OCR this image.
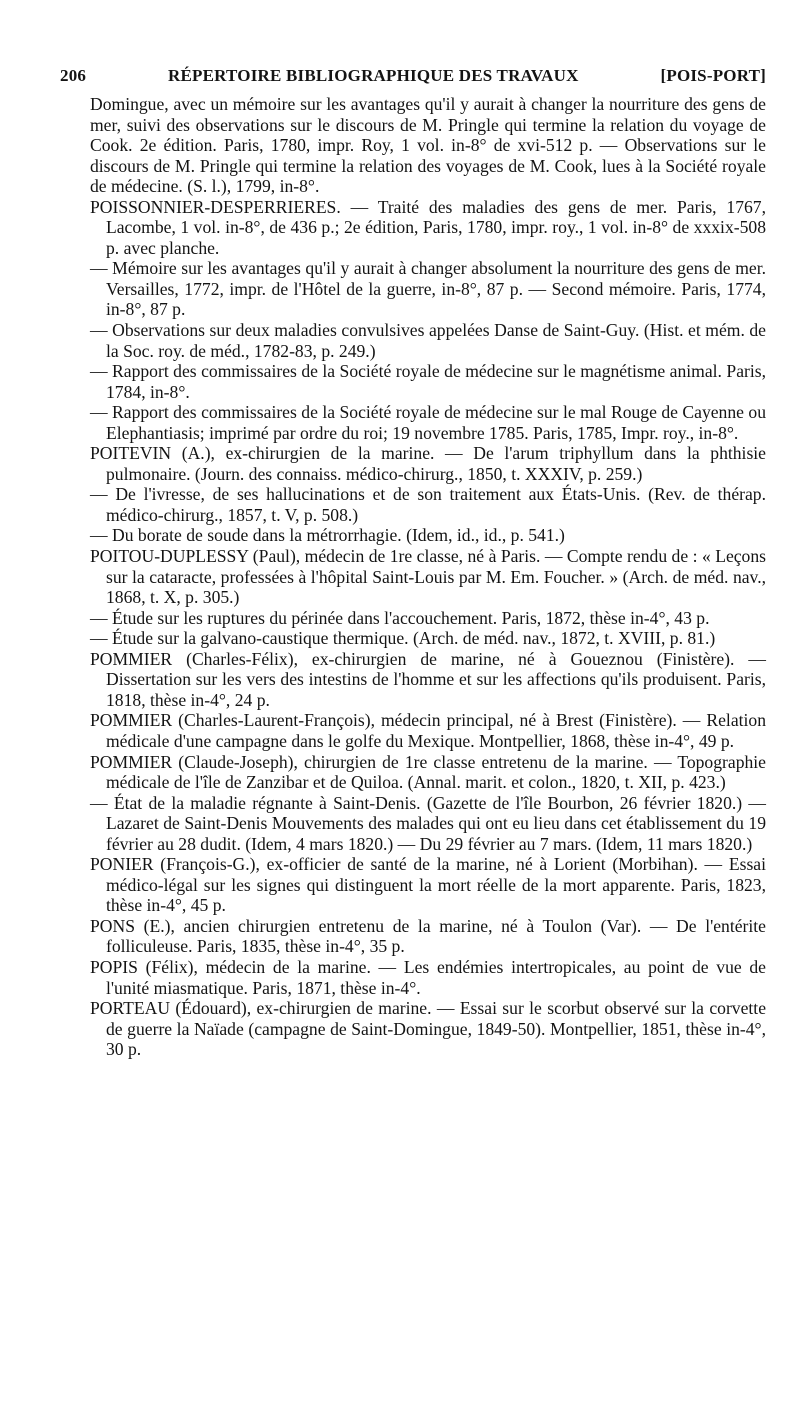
206	RÉPERTOIRE BIBLIOGRAPHIQUE DES TRAVAUX	[POIS-PORT]

Domingue, avec un mémoire sur les avantages qu'il y aurait à changer la nourriture des gens de mer, suivi des observations sur le discours de M. Pringle qui termine la relation du voyage de Cook. 2e édition. Paris, 1780, impr. Roy, 1 vol. in-8° de xvi-512 p. — Observations sur le discours de M. Pringle qui termine la relation des voyages de M. Cook, lues à la Société royale de médecine. (S. l.), 1799, in-8°.

POISSONNIER-DESPERRIERES. — Traité des maladies des gens de mer. Paris, 1767, Lacombe, 1 vol. in-8°, de 436 p.; 2e édition, Paris, 1780, impr. roy., 1 vol. in-8° de xxxix-508 p. avec planche.

— Mémoire sur les avantages qu'il y aurait à changer absolument la nourriture des gens de mer. Versailles, 1772, impr. de l'Hôtel de la guerre, in-8°, 87 p. — Second mémoire. Paris, 1774, in-8°, 87 p.

— Observations sur deux maladies convulsives appelées Danse de Saint-Guy. (Hist. et mém. de la Soc. roy. de méd., 1782-83, p. 249.)

— Rapport des commissaires de la Société royale de médecine sur le magnétisme animal. Paris, 1784, in-8°.

— Rapport des commissaires de la Société royale de médecine sur le mal Rouge de Cayenne ou Elephantiasis; imprimé par ordre du roi; 19 novembre 1785. Paris, 1785, Impr. roy., in-8°.

POITEVIN (A.), ex-chirurgien de la marine. — De l'arum triphyllum dans la phthisie pulmonaire. (Journ. des connaiss. médico-chirurg., 1850, t. XXXIV, p. 259.)

— De l'ivresse, de ses hallucinations et de son traitement aux États-Unis. (Rev. de thérap. médico-chirurg., 1857, t. V, p. 508.)

— Du borate de soude dans la métrorrhagie. (Idem, id., id., p. 541.)

POITOU-DUPLESSY (Paul), médecin de 1re classe, né à Paris. — Compte rendu de : « Leçons sur la cataracte, professées à l'hôpital Saint-Louis par M. Em. Foucher. » (Arch. de méd. nav., 1868, t. X, p. 305.)

— Étude sur les ruptures du périnée dans l'accouchement. Paris, 1872, thèse in-4°, 43 p.

— Étude sur la galvano-caustique thermique. (Arch. de méd. nav., 1872, t. XVIII, p. 81.)

POMMIER (Charles-Félix), ex-chirurgien de marine, né à Goueznou (Finistère). — Dissertation sur les vers des intestins de l'homme et sur les affections qu'ils produisent. Paris, 1818, thèse in-4°, 24 p.

POMMIER (Charles-Laurent-François), médecin principal, né à Brest (Finistère). — Relation médicale d'une campagne dans le golfe du Mexique. Montpellier, 1868, thèse in-4°, 49 p.

POMMIER (Claude-Joseph), chirurgien de 1re classe entretenu de la marine. — Topographie médicale de l'île de Zanzibar et de Quiloa. (Annal. marit. et colon., 1820, t. XII, p. 423.)

— État de la maladie régnante à Saint-Denis. (Gazette de l'île Bourbon, 26 février 1820.) — Lazaret de Saint-Denis Mouvements des malades qui ont eu lieu dans cet établissement du 19 février au 28 dudit. (Idem, 4 mars 1820.) — Du 29 février au 7 mars. (Idem, 11 mars 1820.)

PONIER (François-G.), ex-officier de santé de la marine, né à Lorient (Morbihan). — Essai médico-légal sur les signes qui distinguent la mort réelle de la mort apparente. Paris, 1823, thèse in-4°, 45 p.

PONS (E.), ancien chirurgien entretenu de la marine, né à Toulon (Var). — De l'entérite folliculeuse. Paris, 1835, thèse in-4°, 35 p.

POPIS (Félix), médecin de la marine. — Les endémies intertropicales, au point de vue de l'unité miasmatique. Paris, 1871, thèse in-4°.

PORTEAU (Édouard), ex-chirurgien de marine. — Essai sur le scorbut observé sur la corvette de guerre la Naïade (campagne de Saint-Domingue, 1849-50). Montpellier, 1851, thèse in-4°, 30 p.
